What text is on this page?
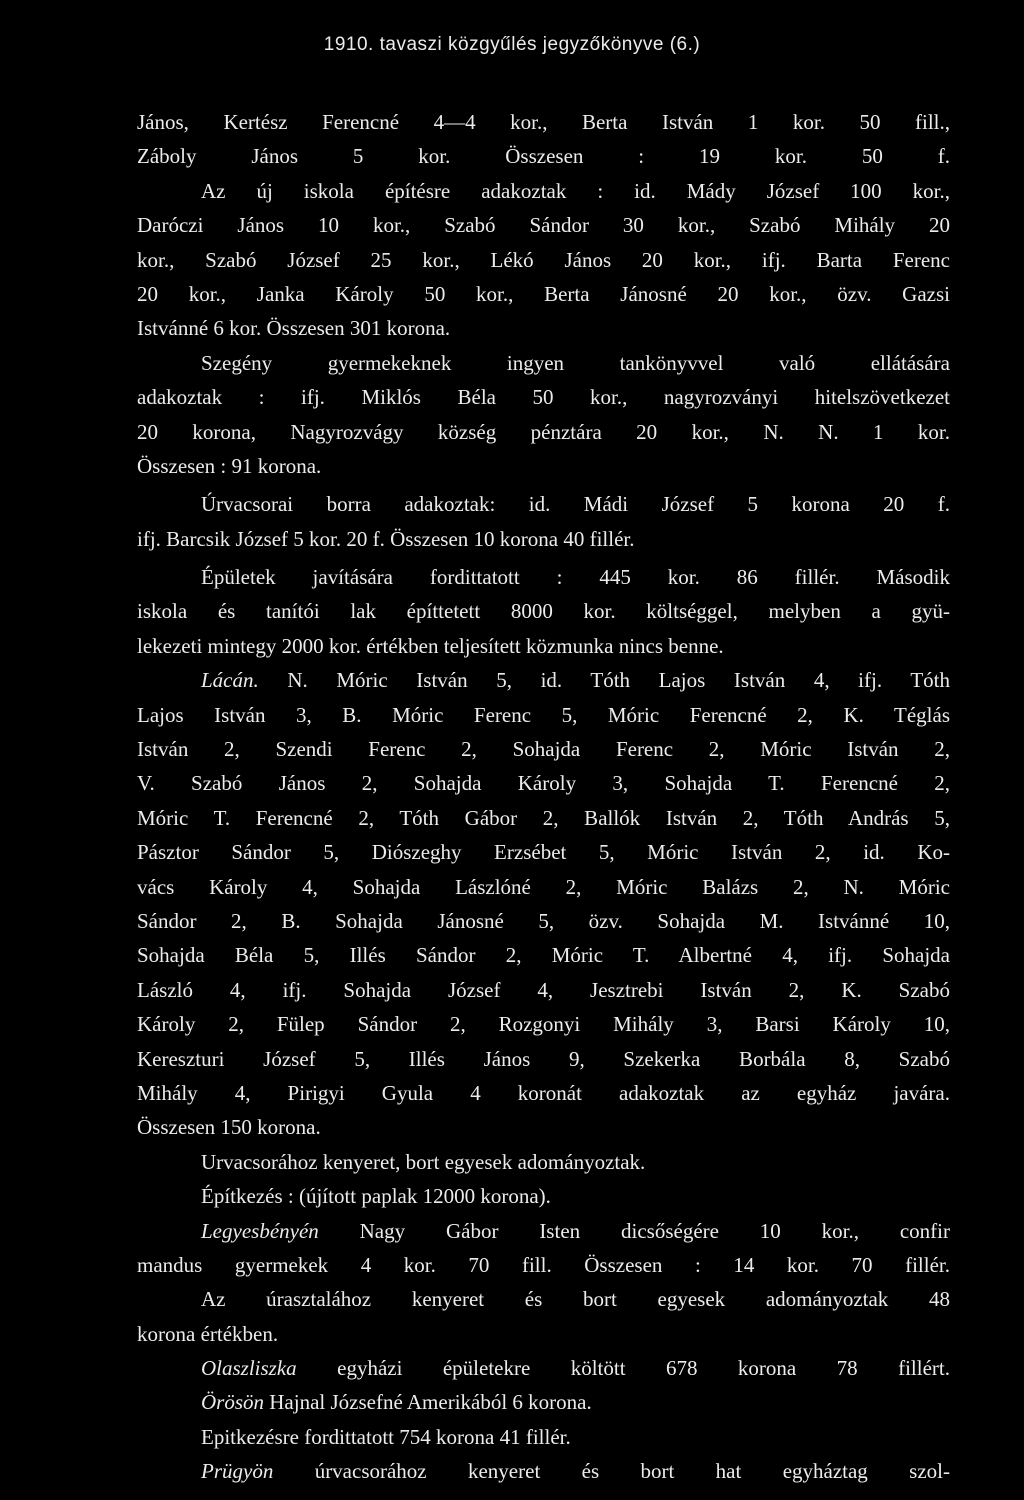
1910. tavaszi közgyűlés jegyzőkönyve (6.)
János, Kertész Ferencné 4—4 kor., Berta István 1 kor. 50 fill.,
Záboly János 5 kor. Összesen : 19 kor. 50 f.
Az új iskola építésre adakoztak : id. Mády József 100 kor.,
Daróczi János 10 kor., Szabó Sándor 30 kor., Szabó Mihály 20
kor., Szabó József 25 kor., Lékó János 20 kor., ifj. Barta Ferenc
20 kor., Janka Károly 50 kor., Berta Jánosné 20 kor., özv. Gazsi
Istvánné 6 kor. Összesen 301 korona.
Szegény gyermekeknek ingyen tankönyvvel való ellátására
adakoztak : ifj. Miklós Béla 50 kor., nagyrozványi hitelszövetkezet
20 korona, Nagyrozvágy község pénztára 20 kor., N. N. 1 kor.
Összesen : 91 korona.
Úrvacsorai borra adakoztak: id. Mádi József 5 korona 20 f.
ifj. Barcsik József 5 kor. 20 f. Összesen 10 korona 40 fillér.
Épületek javítására fordittatott : 445 kor. 86 fillér. Második
iskola és tanítói lak építtetett 8000 kor. költséggel, melyben a gyü-
lekezeti mintegy 2000 kor. értékben teljesített közmunka nincs benne.
Lácán. N. Móric István 5, id. Tóth Lajos István 4, ifj. Tóth
Lajos István 3, B. Móric Ferenc 5, Móric Ferencné 2, K. Téglás
István 2, Szendi Ferenc 2, Sohajda Ferenc 2, Móric István 2,
V. Szabó János 2, Sohajda Károly 3, Sohajda T. Ferencné 2,
Móric T. Ferencné 2, Tóth Gábor 2, Ballók István 2, Tóth András 5,
Pásztor Sándor 5, Diószeghy Erzsébet 5, Móric István 2, id. Ko-
vács Károly 4, Sohajda Lászlóné 2, Móric Balázs 2, N. Móric
Sándor 2, B. Sohajda Jánosné 5, özv. Sohajda M. Istvánné 10,
Sohajda Béla 5, Illés Sándor 2, Móric T. Albertné 4, ifj. Sohajda
László 4, ifj. Sohajda József 4, Jesztrebi István 2, K. Szabó
Károly 2, Fülep Sándor 2, Rozgonyi Mihály 3, Barsi Károly 10,
Kereszturi József 5, Illés János 9, Szekerka Borbála 8, Szabó
Mihály 4, Pirigyi Gyula 4 koronát adakoztak az egyház javára.
Összesen 150 korona.
Urvacsorához kenyeret, bort egyesek adományoztak.
Építkezés : (újított paplak 12000 korona).
Legyesbényén Nagy Gábor Isten dicsőségére 10 kor., confir
mandus gyermekek 4 kor. 70 fill. Összesen : 14 kor. 70 fillér.
Az úrasztalához kenyeret és bort egyesek adományoztak 48
korona értékben.
Olaszliszka egyházi épületekre költött 678 korona 78 fillért.
Örösön Hajnal Józsefné Amerikából 6 korona.
Epitkezésre fordittatott 754 korona 41 fillér.
Prügyön úrvacsorához kenyeret és bort hat egyháztag szol-
